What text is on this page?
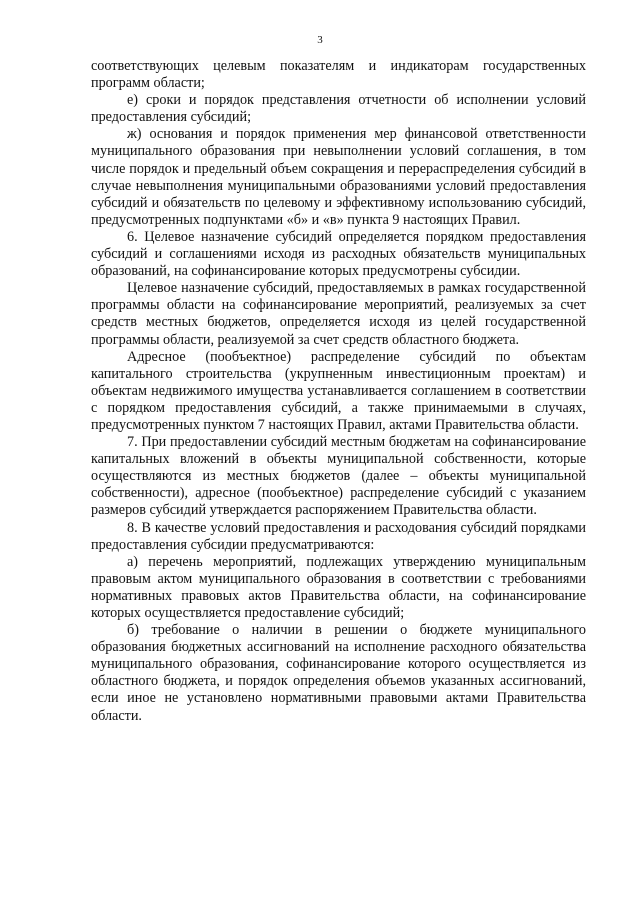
3

соответствующих целевым показателям и индикаторам государственных программ области;

е) сроки и порядок представления отчетности об исполнении условий предоставления субсидий;

ж) основания и порядок применения мер финансовой ответственности муниципального образования при невыполнении условий соглашения, в том числе порядок и предельный объем сокращения и перераспределения субсидий в случае невыполнения муниципальными образованиями условий предоставления субсидий и обязательств по целевому и эффективному использованию субсидий, предусмотренных подпунктами «б» и «в» пункта 9 настоящих Правил.

6. Целевое назначение субсидий определяется порядком предоставления субсидий и соглашениями исходя из расходных обязательств муниципальных образований, на софинансирование которых предусмотрены субсидии.

Целевое назначение субсидий, предоставляемых в рамках государственной программы области на софинансирование мероприятий, реализуемых за счет средств местных бюджетов, определяется исходя из целей государственной программы области, реализуемой за счет средств областного бюджета.

Адресное (пообъектное) распределение субсидий по объектам капитального строительства (укрупненным инвестиционным проектам) и объектам недвижимого имущества устанавливается соглашением в соответствии с порядком предоставления субсидий, а также принимаемыми в случаях, предусмотренных пунктом 7 настоящих Правил, актами Правительства области.

7. При предоставлении субсидий местным бюджетам на софинансирование капитальных вложений в объекты муниципальной собственности, которые осуществляются из местных бюджетов (далее – объекты муниципальной собственности), адресное (пообъектное) распределение субсидий с указанием размеров субсидий утверждается распоряжением Правительства области.

8. В качестве условий предоставления и расходования субсидий порядками предоставления субсидии предусматриваются:

а) перечень мероприятий, подлежащих утверждению муниципальным правовым актом муниципального образования в соответствии с требованиями нормативных правовых актов Правительства области, на софинансирование которых осуществляется предоставление субсидий;

б) требование о наличии в решении о бюджете муниципального образования бюджетных ассигнований на исполнение расходного обязательства муниципального образования, софинансирование которого осуществляется из областного бюджета, и порядок определения объемов указанных ассигнований, если иное не установлено нормативными правовыми актами Правительства области.
